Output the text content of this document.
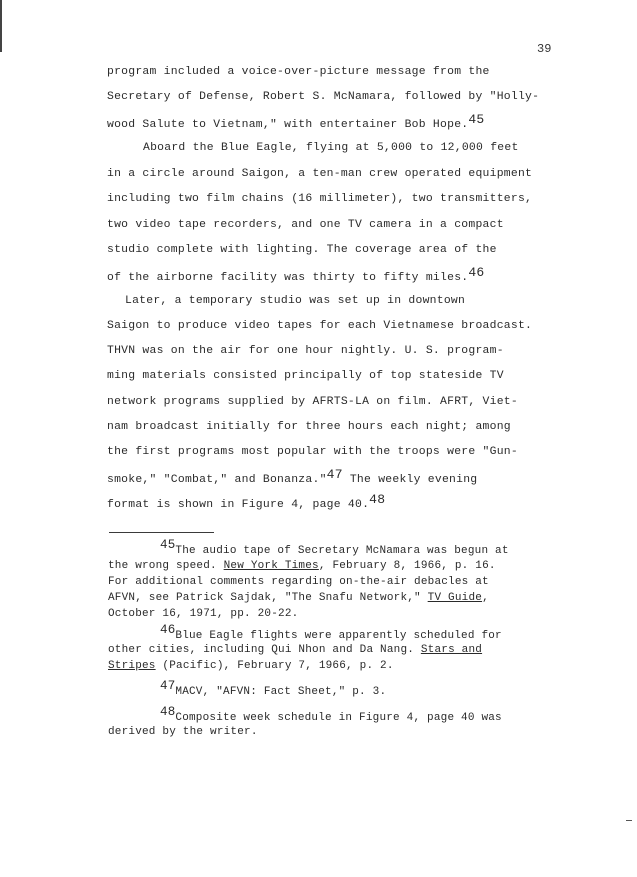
39
program included a voice-over-picture message from the
Secretary of Defense, Robert S. McNamara, followed by "Holly-
wood Salute to Vietnam," with entertainer Bob Hope.45
Aboard the Blue Eagle, flying at 5,000 to 12,000 feet
in a circle around Saigon, a ten-man crew operated equipment
including two film chains (16 millimeter), two transmitters,
two video tape recorders, and one TV camera in a compact
studio complete with lighting. The coverage area of the
of the airborne facility was thirty to fifty miles.46
Later, a temporary studio was set up in downtown
Saigon to produce video tapes for each Vietnamese broadcast.
THVN was on the air for one hour nightly. U. S. program-
ming materials consisted principally of top stateside TV
network programs supplied by AFRTS-LA on film. AFRT, Viet-
nam broadcast initially for three hours each night; among
the first programs most popular with the troops were "Gun-
smoke," "Combat," and Bonanza."47 The weekly evening
format is shown in Figure 4, page 40.48
45The audio tape of Secretary McNamara was begun at
the wrong speed. New York Times, February 8, 1966, p. 16.
For additional comments regarding on-the-air debacles at
AFVN, see Patrick Sajdak, "The Snafu Network," TV Guide,
October 16, 1971, pp. 20-22.
46Blue Eagle flights were apparently scheduled for
other cities, including Qui Nhon and Da Nang. Stars and
Stripes (Pacific), February 7, 1966, p. 2.
47MACV, "AFVN: Fact Sheet," p. 3.
48Composite week schedule in Figure 4, page 40 was
derived by the writer.
